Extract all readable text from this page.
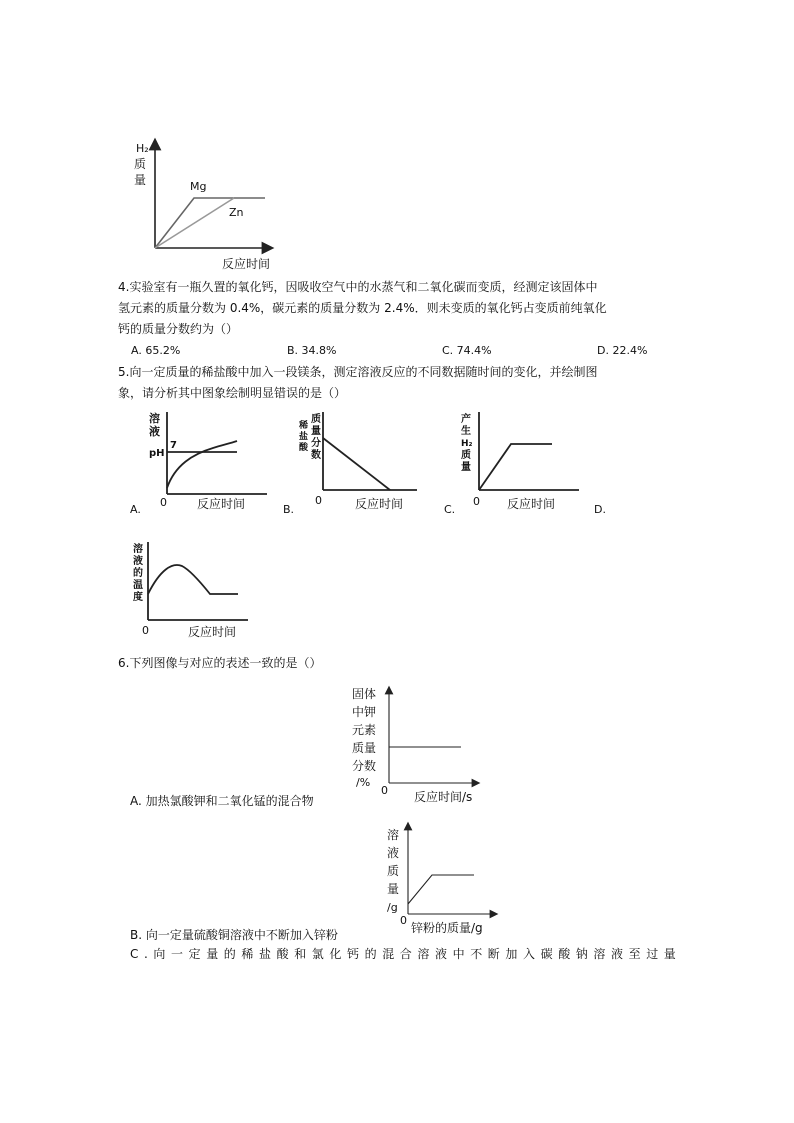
H₂
质
量	Mg
Zn
反应时间
4.实验室有一瓶久置的氧化钙，因吸收空气中的水蒸气和二氧化碳而变质，经测定该固体中
氢元素的质量分数为 0.4%，碳元素的质量分数为 2.4%．则未变质的氧化钙占变质前纯氧化
钙的质量分数约为（）
A. 65.2%	B. 34.8%	C. 74.4%	D. 22.4%
5.向一定质量的稀盐酸中加入一段镁条，测定溶液反应的不同数据随时间的变化，并绘制图
象，请分析其中图象绘制明显错误的是（）
溶
液
pH
7
0	反应时间
A.
稀
盐
酸
质
量
分
数
0	反应时间
B.
产
生
H₂
质
量
0 反应时间
C.	D.
溶
液
的
温
度
0	反应时间
6.下列图像与对应的表述一致的是（）
固体
中钾
元素
质量
分数
/%
0 反应时间/s
A. 加热氯酸钾和二氧化锰的混合物
溶
液
质
量
/g
0
锌粉的质量/g
B. 向一定量硫酸铜溶液中不断加入锌粉
C.向一定量的稀盐酸和氯化钙的混合溶液中不断加入碳酸钠溶液至过量
